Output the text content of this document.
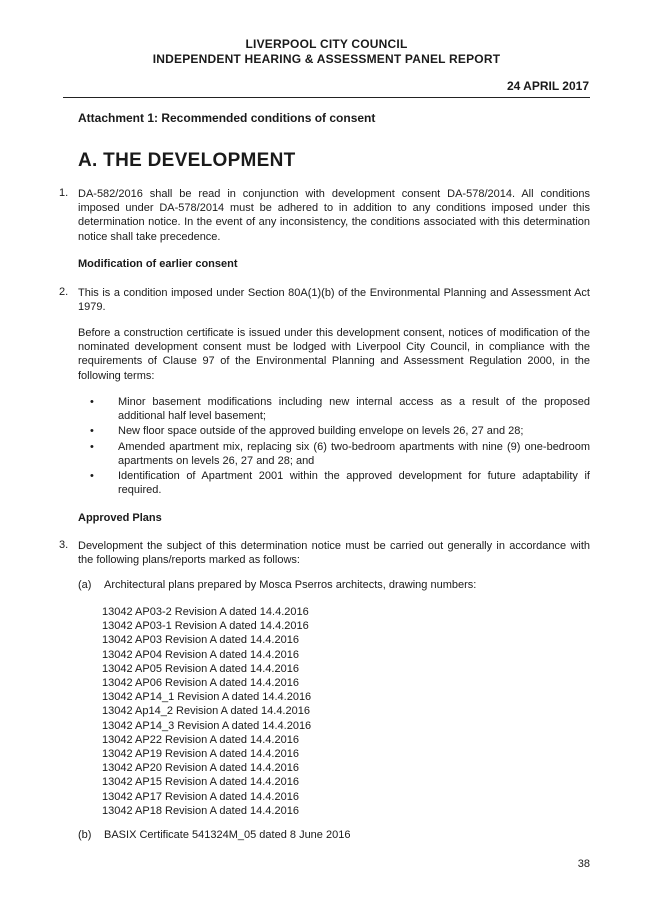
LIVERPOOL CITY COUNCIL
INDEPENDENT HEARING & ASSESSMENT PANEL REPORT
24 APRIL 2017
Attachment 1: Recommended conditions of consent
A. THE DEVELOPMENT
1. DA-582/2016 shall be read in conjunction with development consent DA-578/2014. All conditions imposed under DA-578/2014 must be adhered to in addition to any conditions imposed under this determination notice. In the event of any inconsistency, the conditions associated with this determination notice shall take precedence.
Modification of earlier consent
2. This is a condition imposed under Section 80A(1)(b) of the Environmental Planning and Assessment Act 1979.
Before a construction certificate is issued under this development consent, notices of modification of the nominated development consent must be lodged with Liverpool City Council, in compliance with the requirements of Clause 97 of the Environmental Planning and Assessment Regulation 2000, in the following terms:
• Minor basement modifications including new internal access as a result of the proposed additional half level basement;
• New floor space outside of the approved building envelope on levels 26, 27 and 28;
• Amended apartment mix, replacing six (6) two-bedroom apartments with nine (9) one-bedroom apartments on levels 26, 27 and 28; and
• Identification of Apartment 2001 within the approved development for future adaptability if required.
Approved Plans
3. Development the subject of this determination notice must be carried out generally in accordance with the following plans/reports marked as follows:
(a) Architectural plans prepared by Mosca Pserros architects, drawing numbers:
13042 AP03-2 Revision A dated 14.4.2016
13042 AP03-1 Revision A dated 14.4.2016
13042 AP03 Revision A dated 14.4.2016
13042 AP04 Revision A dated 14.4.2016
13042 AP05 Revision A dated 14.4.2016
13042 AP06 Revision A dated 14.4.2016
13042 AP14_1 Revision A dated 14.4.2016
13042 Ap14_2 Revision A dated 14.4.2016
13042 AP14_3 Revision A dated 14.4.2016
13042 AP22 Revision A dated 14.4.2016
13042 AP19 Revision A dated 14.4.2016
13042 AP20 Revision A dated 14.4.2016
13042 AP15 Revision A dated 14.4.2016
13042 AP17 Revision A dated 14.4.2016
13042 AP18 Revision A dated 14.4.2016
(b) BASIX Certificate 541324M_05 dated 8 June 2016
38
